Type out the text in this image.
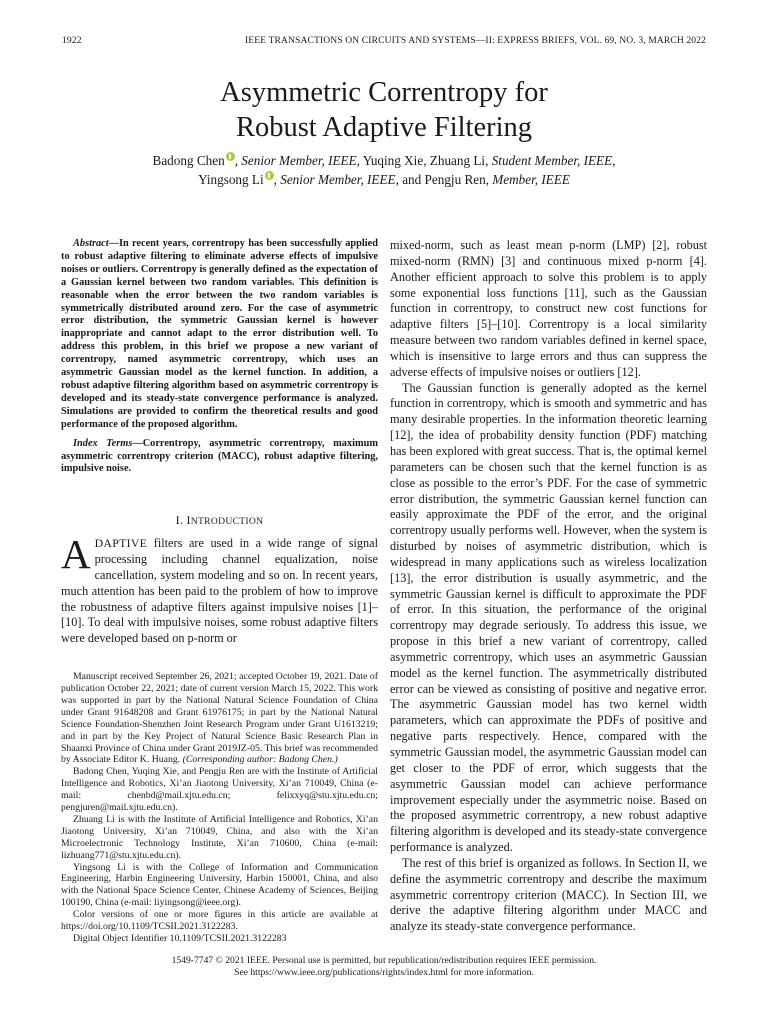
1922	IEEE TRANSACTIONS ON CIRCUITS AND SYSTEMS—II: EXPRESS BRIEFS, VOL. 69, NO. 3, MARCH 2022
Asymmetric Correntropy for
Robust Adaptive Filtering
Badong Chen , Senior Member, IEEE, Yuqing Xie, Zhuang Li, Student Member, IEEE,
Yingsong Li , Senior Member, IEEE, and Pengju Ren, Member, IEEE
Abstract—In recent years, correntropy has been successfully applied to robust adaptive filtering to eliminate adverse effects of impulsive noises or outliers. Correntropy is generally defined as the expectation of a Gaussian kernel between two random variables. This definition is reasonable when the error between the two random variables is symmetrically distributed around zero. For the case of asymmetric error distribution, the symmetric Gaussian kernel is however inappropriate and cannot adapt to the error distribution well. To address this problem, in this brief we propose a new variant of correntropy, named asymmetric correntropy, which uses an asymmetric Gaussian model as the kernel function. In addition, a robust adaptive filtering algorithm based on asymmetric correntropy is developed and its steady-state convergence performance is analyzed. Simulations are provided to confirm the theoretical results and good performance of the proposed algorithm.
Index Terms—Correntropy, asymmetric correntropy, maximum asymmetric correntropy criterion (MACC), robust adaptive filtering, impulsive noise.
I. INTRODUCTION

ADAPTIVE filters are used in a wide range of signal processing including channel equalization, noise cancellation, system modeling and so on. In recent years, much attention has been paid to the problem of how to improve the robustness of adaptive filters against impulsive noises [1]–[10]. To deal with impulsive noises, some robust adaptive filters were developed based on p-norm or

Manuscript received September 26, 2021; accepted October 19, 2021. Date of publication October 22, 2021; date of current version March 15, 2022. This work was supported in part by the National Natural Science Foundation of China under Grant 91648208 and Grant 61976175; in part by the National Natural Science Foundation-Shenzhen Joint Research Program under Grant U1613219; and in part by the Key Project of Natural Science Basic Research Plan in Shaanxi Province of China under Grant 2019JZ-05. This brief was recommended by Associate Editor K. Huang. (Corresponding author: Badong Chen.)

Badong Chen, Yuqing Xie, and Pengju Ren are with the Institute of Artificial Intelligence and Robotics, Xi’an Jiaotong University, Xi’an 710049, China (e-mail: chenbd@mail.xjtu.edu.cn; felixxyq@stu.xjtu.edu.cn; pengjuren@mail.xjtu.edu.cn).

Zhuang Li is with the Institute of Artificial Intelligence and Robotics, Xi’an Jiaotong University, Xi’an 710049, China, and also with the Xi’an Microelectronic Technology Institute, Xi’an 710600, China (e-mail: lizhuang771@stu.xjtu.edu.cn).

Yingsong Li is with the College of Information and Communication Engineering, Harbin Engineering University, Harbin 150001, China, and also with the National Space Science Center, Chinese Academy of Sciences, Beijing 100190, China (e-mail: liyingsong@ieee.org).

Color versions of one or more figures in this article are available at https://doi.org/10.1109/TCSII.2021.3122283.

Digital Object Identifier 10.1109/TCSII.2021.3122283

mixed-norm, such as least mean p-norm (LMP) [2], robust mixed-norm (RMN) [3] and continuous mixed p-norm [4]. Another efficient approach to solve this problem is to apply some exponential loss functions [11], such as the Gaussian function in correntropy, to construct new cost functions for adaptive filters [5]–[10]. Correntropy is a local similarity measure between two random variables defined in kernel space, which is insensitive to large errors and thus can suppress the adverse effects of impulsive noises or outliers [12].

The Gaussian function is generally adopted as the kernel function in correntropy, which is smooth and symmetric and has many desirable properties. In the information theoretic learning [12], the idea of probability density function (PDF) matching has been explored with great success. That is, the optimal kernel parameters can be chosen such that the kernel function is as close as possible to the error’s PDF. For the case of symmetric error distribution, the symmetric Gaussian kernel function can easily approximate the PDF of the error, and the original correntropy usually performs well. However, when the system is disturbed by noises of asymmetric distribution, which is widespread in many applications such as wireless localization [13], the error distribution is usually asymmetric, and the symmetric Gaussian kernel is difficult to approximate the PDF of error. In this situation, the performance of the original correntropy may degrade seriously. To address this issue, we propose in this brief a new variant of correntropy, called asymmetric correntropy, which uses an asymmetric Gaussian model as the kernel function. The asymmetrically distributed error can be viewed as consisting of positive and negative error. The asymmetric Gaussian model has two kernel width parameters, which can approximate the PDFs of positive and negative parts respectively. Hence, compared with the symmetric Gaussian model, the asymmetric Gaussian model can get closer to the PDF of error, which suggests that the asymmetric Gaussian model can achieve performance improvement especially under the asymmetric noise. Based on the proposed asymmetric correntropy, a new robust adaptive filtering algorithm is developed and its steady-state convergence performance is analyzed.

The rest of this brief is organized as follows. In Section II, we define the asymmetric correntropy and describe the maximum asymmetric correntropy criterion (MACC). In Section III, we derive the adaptive filtering algorithm under MACC and analyze its steady-state convergence performance.

1549-7747 © 2021 IEEE. Personal use is permitted, but republication/redistribution requires IEEE permission.
See https://www.ieee.org/publications/rights/index.html for more information.
